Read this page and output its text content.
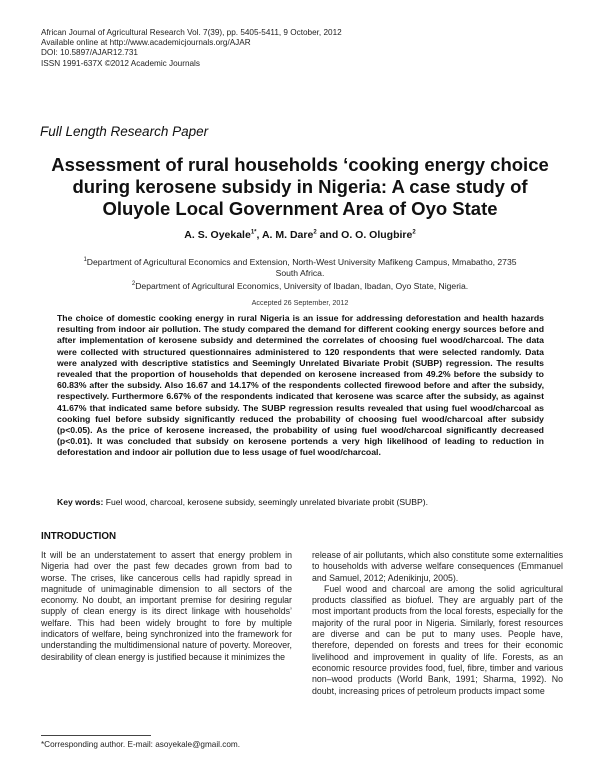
African Journal of Agricultural Research Vol. 7(39), pp. 5405-5411, 9 October, 2012
Available online at http://www.academicjournals.org/AJAR
DOI: 10.5897/AJAR12.731
ISSN 1991-637X ©2012 Academic Journals
Full Length Research Paper
Assessment of rural households ‘cooking energy choice during kerosene subsidy in Nigeria: A case study of Oluyole Local Government Area of Oyo State
A. S. Oyekale$^{1*}$, A. M. Dare$^2$ and O. O. Olugbire$^2$
$^1$Department of Agricultural Economics and Extension, North-West University Mafikeng Campus, Mmabatho, 2735 South Africa.
$^2$Department of Agricultural Economics, University of Ibadan, Ibadan, Oyo State, Nigeria.
Accepted 26 September, 2012
The choice of domestic cooking energy in rural Nigeria is an issue for addressing deforestation and health hazards resulting from indoor air pollution. The study compared the demand for different cooking energy sources before and after implementation of kerosene subsidy and determined the correlates of choosing fuel wood/charcoal. The data were collected with structured questionnaires administered to 120 respondents that were selected randomly. Data were analyzed with descriptive statistics and Seemingly Unrelated Bivariate Probit (SUBP) regression. The results revealed that the proportion of households that depended on kerosene increased from 49.2% before the subsidy to 60.83% after the subsidy. Also 16.67 and 14.17% of the respondents collected firewood before and after the subsidy, respectively. Furthermore 6.67% of the respondents indicated that kerosene was scarce after the subsidy, as against 41.67% that indicated same before subsidy. The SUBP regression results revealed that using fuel wood/charcoal as cooking fuel before subsidy significantly reduced the probability of choosing fuel wood/charcoal after subsidy (p<0.05). As the price of kerosene increased, the probability of using fuel wood/charcoal significantly decreased (p<0.01). It was concluded that subsidy on kerosene portends a very high likelihood of leading to reduction in deforestation and indoor air pollution due to less usage of fuel wood/charcoal.
Key words: Fuel wood, charcoal, kerosene subsidy, seemingly unrelated bivariate probit (SUBP).
INTRODUCTION

It will be an understatement to assert that energy problem in Nigeria had over the past few decades grown from bad to worse. The crises, like cancerous cells had rapidly spread in magnitude of unimaginable dimension to all sectors of the economy. No doubt, an important premise for desiring regular supply of clean energy is its direct linkage with households’ welfare. This had been widely brought to fore by multiple indicators of welfare, being synchronized into the framework for understanding the multidimensional nature of poverty. Moreover, desirability of clean energy is justified because it minimizes the

release of air pollutants, which also constitute some externalities to households with adverse welfare consequences (Emmanuel and Samuel, 2012; Adenikinju, 2005).

Fuel wood and charcoal are among the solid agricultural products classified as biofuel. They are arguably part of the most important products from the local forests, especially for the majority of the rural poor in Nigeria. Similarly, forest resources are diverse and can be put to many uses. People have, therefore, depended on forests and trees for their economic livelihood and improvement in quality of life. Forests, as an economic resource provides food, fuel, fibre, timber and various non–wood products (World Bank, 1991; Sharma, 1992). No doubt, increasing prices of petroleum products impact some

*Corresponding author. E-mail: asoyekale@gmail.com.
